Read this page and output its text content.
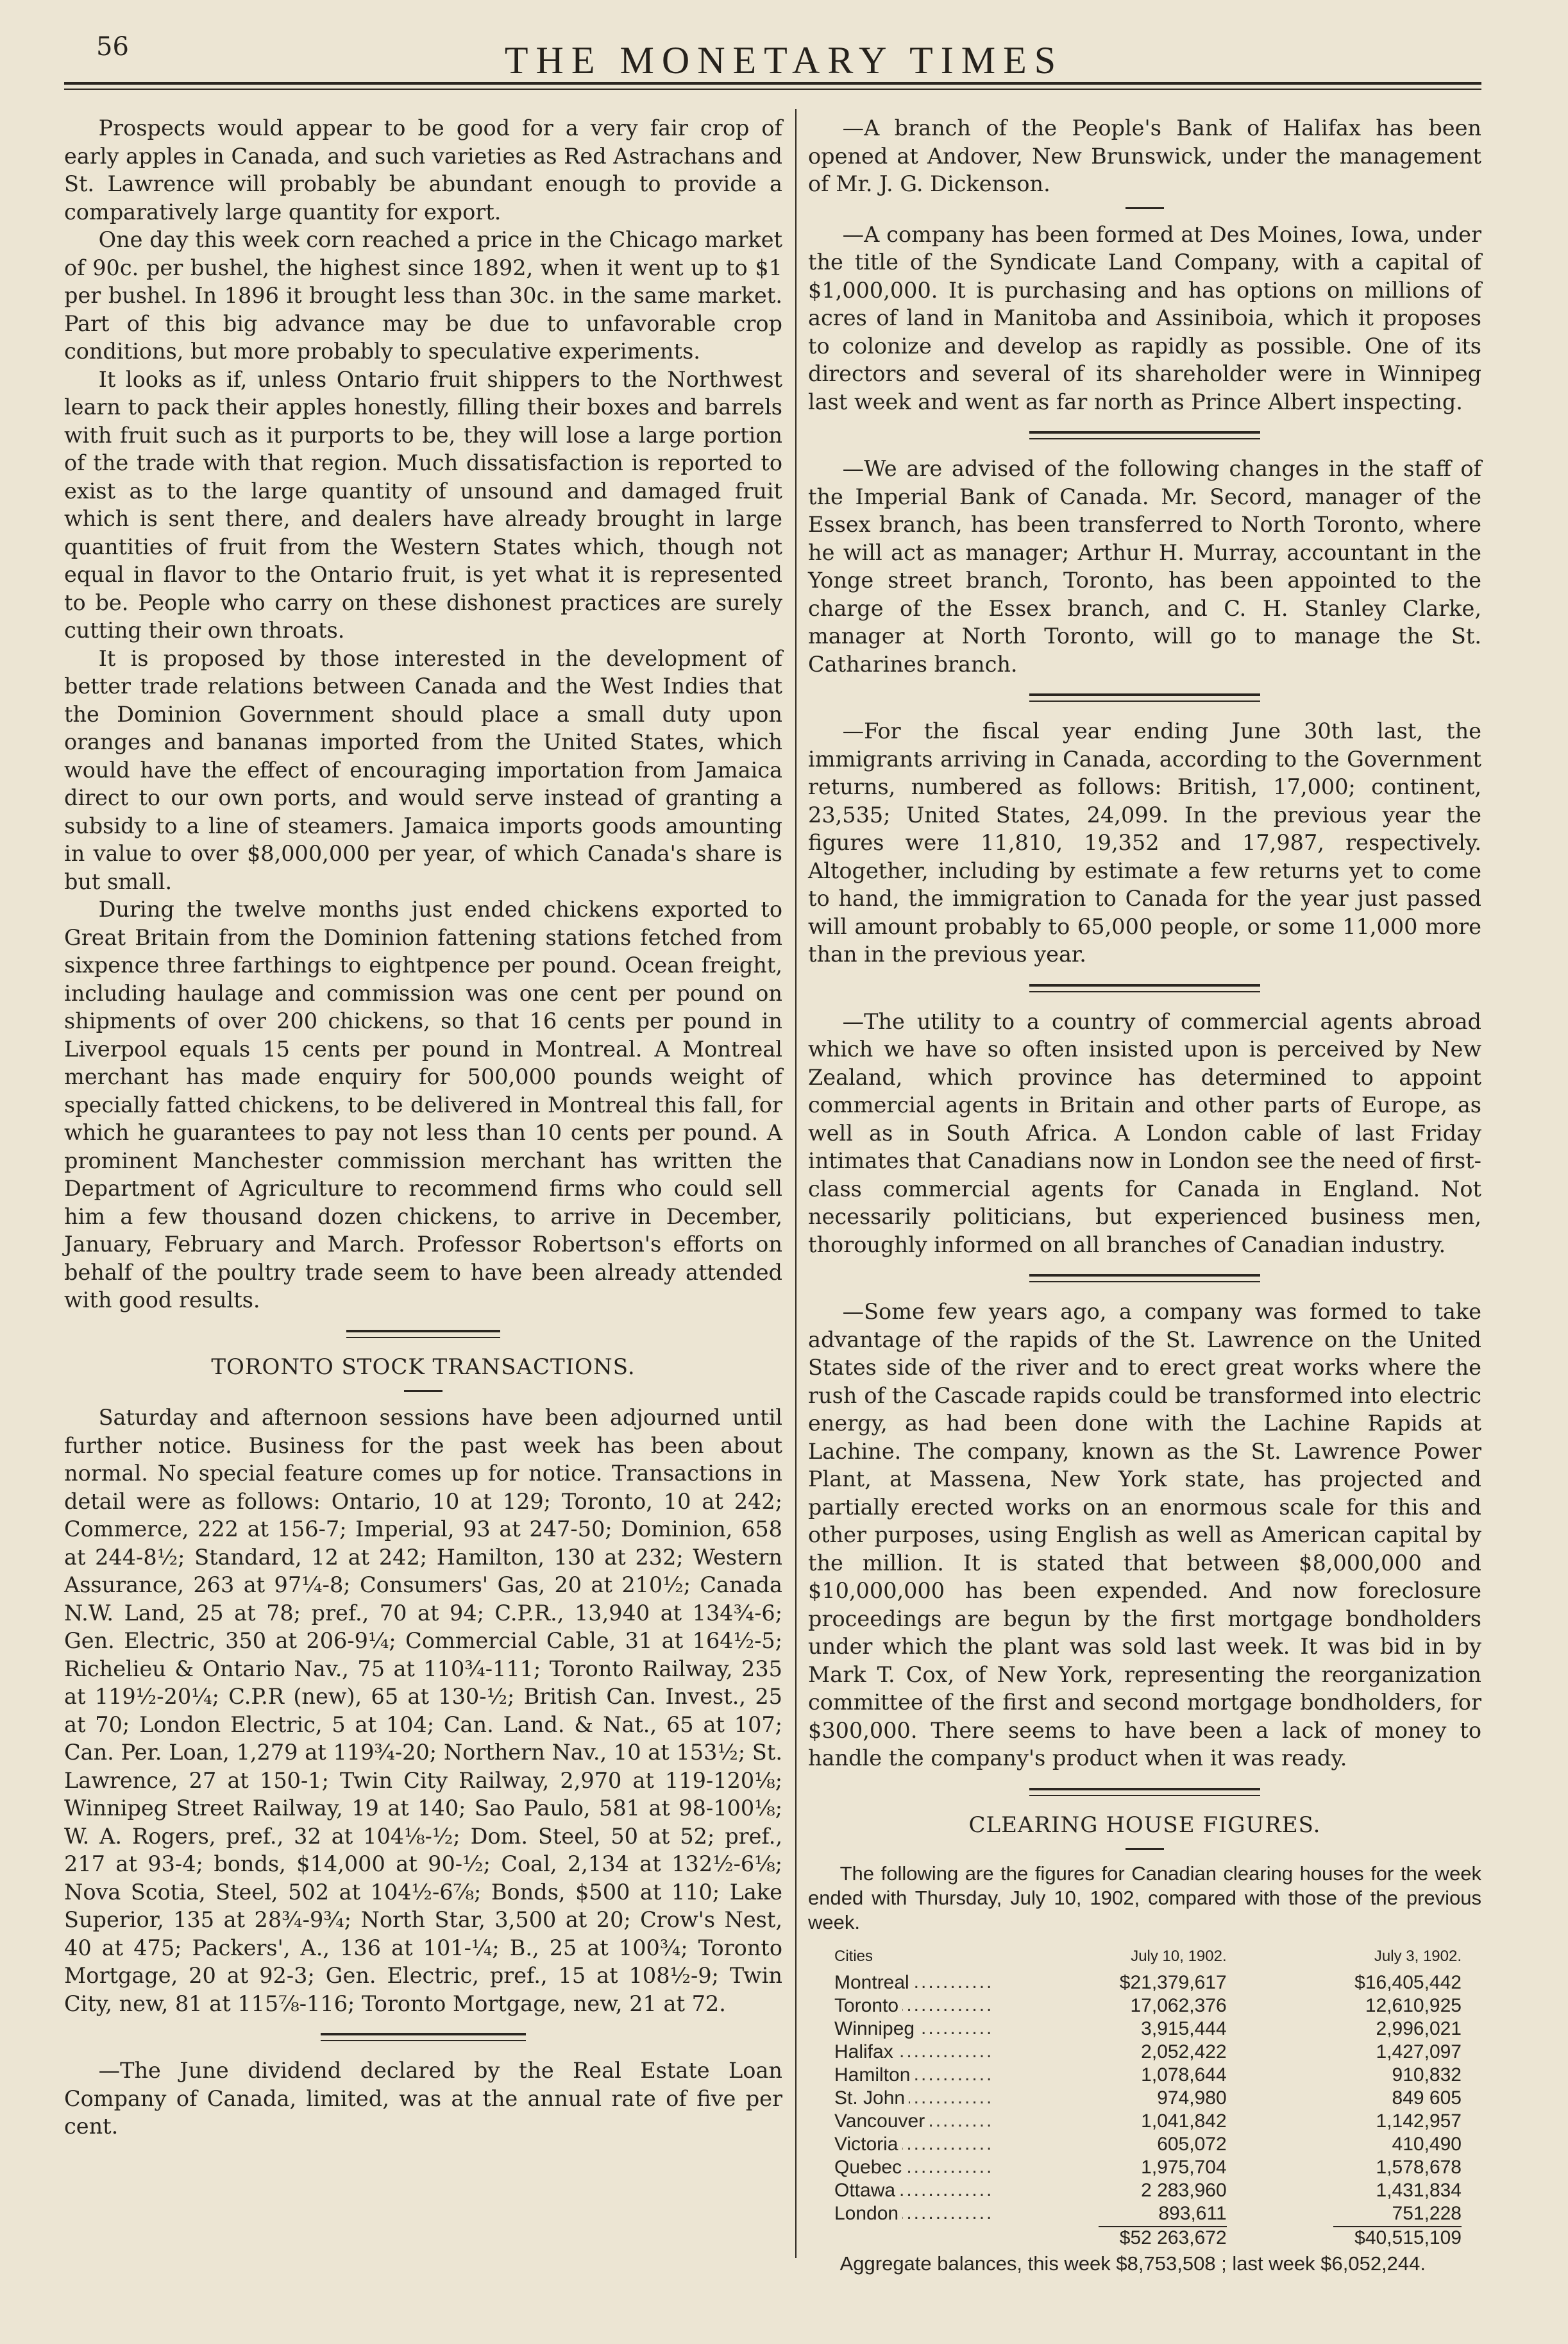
56	THE MONETARY TIMES

Prospects would appear to be good for a very fair crop of early apples in Canada, and such varieties as Red Astrachans and St. Lawrence will probably be abundant enough to provide a comparatively large quantity for export.

One day this week corn reached a price in the Chicago market of 90c. per bushel, the highest since 1892, when it went up to $1 per bushel. In 1896 it brought less than 30c. in the same market. Part of this big advance may be due to unfavorable crop conditions, but more probably to speculative experiments.

It looks as if, unless Ontario fruit shippers to the Northwest learn to pack their apples honestly, filling their boxes and barrels with fruit such as it purports to be, they will lose a large portion of the trade with that region. Much dissatisfaction is reported to exist as to the large quantity of unsound and damaged fruit which is sent there, and dealers have already brought in large quantities of fruit from the Western States which, though not equal in flavor to the Ontario fruit, is yet what it is represented to be. People who carry on these dishonest practices are surely cutting their own throats.

It is proposed by those interested in the development of better trade relations between Canada and the West Indies that the Dominion Government should place a small duty upon oranges and bananas imported from the United States, which would have the effect of encouraging importation from Jamaica direct to our own ports, and would serve instead of granting a subsidy to a line of steamers. Jamaica imports goods amounting in value to over $8,000,000 per year, of which Canada's share is but small.

During the twelve months just ended chickens exported to Great Britain from the Dominion fattening stations fetched from sixpence three farthings to eightpence per pound. Ocean freight, including haulage and commission was one cent per pound on shipments of over 200 chickens, so that 16 cents per pound in Liverpool equals 15 cents per pound in Montreal. A Montreal merchant has made enquiry for 500,000 pounds weight of specially fatted chickens, to be delivered in Montreal this fall, for which he guarantees to pay not less than 10 cents per pound. A prominent Manchester commission merchant has written the Department of Agriculture to recommend firms who could sell him a few thousand dozen chickens, to arrive in December, January, February and March. Professor Robertson's efforts on behalf of the poultry trade seem to have been already attended with good results.

TORONTO STOCK TRANSACTIONS.

Saturday and afternoon sessions have been adjourned until further notice. Business for the past week has been about normal. No special feature comes up for notice. Transactions in detail were as follows: Ontario, 10 at 129; Toronto, 10 at 242; Commerce, 222 at 156-7; Imperial, 93 at 247-50; Dominion, 658 at 244-8½; Standard, 12 at 242; Hamilton, 130 at 232; Western Assurance, 263 at 97¼-8; Consumers' Gas, 20 at 210½; Canada N.W. Land, 25 at 78; pref., 70 at 94; C.P.R., 13,940 at 134¾-6; Gen. Electric, 350 at 206-9¼; Commercial Cable, 31 at 164½-5; Richelieu & Ontario Nav., 75 at 110¾-111; Toronto Railway, 235 at 119½-20¼; C.P.R (new), 65 at 130-½; British Can. Invest., 25 at 70; London Electric, 5 at 104; Can. Land. & Nat., 65 at 107; Can. Per. Loan, 1,279 at 119¾-20; Northern Nav., 10 at 153½; St. Lawrence, 27 at 150-1; Twin City Railway, 2,970 at 119-120⅛; Winnipeg Street Railway, 19 at 140; Sao Paulo, 581 at 98-100⅛; W. A. Rogers, pref., 32 at 104⅛-½; Dom. Steel, 50 at 52; pref., 217 at 93-4; bonds, $14,000 at 90-½; Coal, 2,134 at 132½-6⅛; Nova Scotia, Steel, 502 at 104½-6⅞; Bonds, $500 at 110; Lake Superior, 135 at 28¾-9¾; North Star, 3,500 at 20; Crow's Nest, 40 at 475; Packers', A., 136 at 101-¼; B., 25 at 100¾; Toronto Mortgage, 20 at 92-3; Gen. Electric, pref., 15 at 108½-9; Twin City, new, 81 at 115⅞-116; Toronto Mortgage, new, 21 at 72.

—The June dividend declared by the Real Estate Loan Company of Canada, limited, was at the annual rate of five per cent.

—A branch of the People's Bank of Halifax has been opened at Andover, New Brunswick, under the management of Mr. J. G. Dickenson.

—A company has been formed at Des Moines, Iowa, under the title of the Syndicate Land Company, with a capital of $1,000,000. It is purchasing and has options on millions of acres of land in Manitoba and Assiniboia, which it proposes to colonize and develop as rapidly as possible. One of its directors and several of its shareholder were in Winnipeg last week and went as far north as Prince Albert inspecting.

—We are advised of the following changes in the staff of the Imperial Bank of Canada. Mr. Secord, manager of the Essex branch, has been transferred to North Toronto, where he will act as manager; Arthur H. Murray, accountant in the Yonge street branch, Toronto, has been appointed to the charge of the Essex branch, and C. H. Stanley Clarke, manager at North Toronto, will go to manage the St. Catharines branch.

—For the fiscal year ending June 30th last, the immigrants arriving in Canada, according to the Government returns, numbered as follows: British, 17,000; continent, 23,535; United States, 24,099. In the previous year the figures were 11,810, 19,352 and 17,987, respectively. Altogether, including by estimate a few returns yet to come to hand, the immigration to Canada for the year just passed will amount probably to 65,000 people, or some 11,000 more than in the previous year.

—The utility to a country of commercial agents abroad which we have so often insisted upon is perceived by New Zealand, which province has determined to appoint commercial agents in Britain and other parts of Europe, as well as in South Africa. A London cable of last Friday intimates that Canadians now in London see the need of first-class commercial agents for Canada in England. Not necessarily politicians, but experienced business men, thoroughly informed on all branches of Canadian industry.

—Some few years ago, a company was formed to take advantage of the rapids of the St. Lawrence on the United States side of the river and to erect great works where the rush of the Cascade rapids could be transformed into electric energy, as had been done with the Lachine Rapids at Lachine. The company, known as the St. Lawrence Power Plant, at Massena, New York state, has projected and partially erected works on an enormous scale for this and other purposes, using English as well as American capital by the million. It is stated that between $8,000,000 and $10,000,000 has been expended. And now foreclosure proceedings are begun by the first mortgage bondholders under which the plant was sold last week. It was bid in by Mark T. Cox, of New York, representing the reorganization committee of the first and second mortgage bondholders, for $300,000. There seems to have been a lack of money to handle the company's product when it was ready.

CLEARING HOUSE FIGURES.

The following are the figures for Canadian clearing houses for the week ended with Thursday, July 10, 1902, compared with those of the previous week.

Cities	July 10, 1902.	July 3, 1902.
Montreal .....	$21,379,617	$16,405,442
Toronto .....	17,062,376	12,610,925
Winnipeg .....	3,915,444	2,996,021
Halifax .....	2,052,422	1,427,097
Hamilton .....	1,078,644	910,832
St. John .....	974,980	849 605
Vancouver .....	1,041,842	1,142,957
Victoria .....	605,072	410,490
Quebec .....	1,975,704	1,578,678
Ottawa .....	2 283,960	1,431,834
London .....	893,611	751,228

$52 263,672	$40,515,109

Aggregate balances, this week $8,753,508 ; last week $6,052,244.
